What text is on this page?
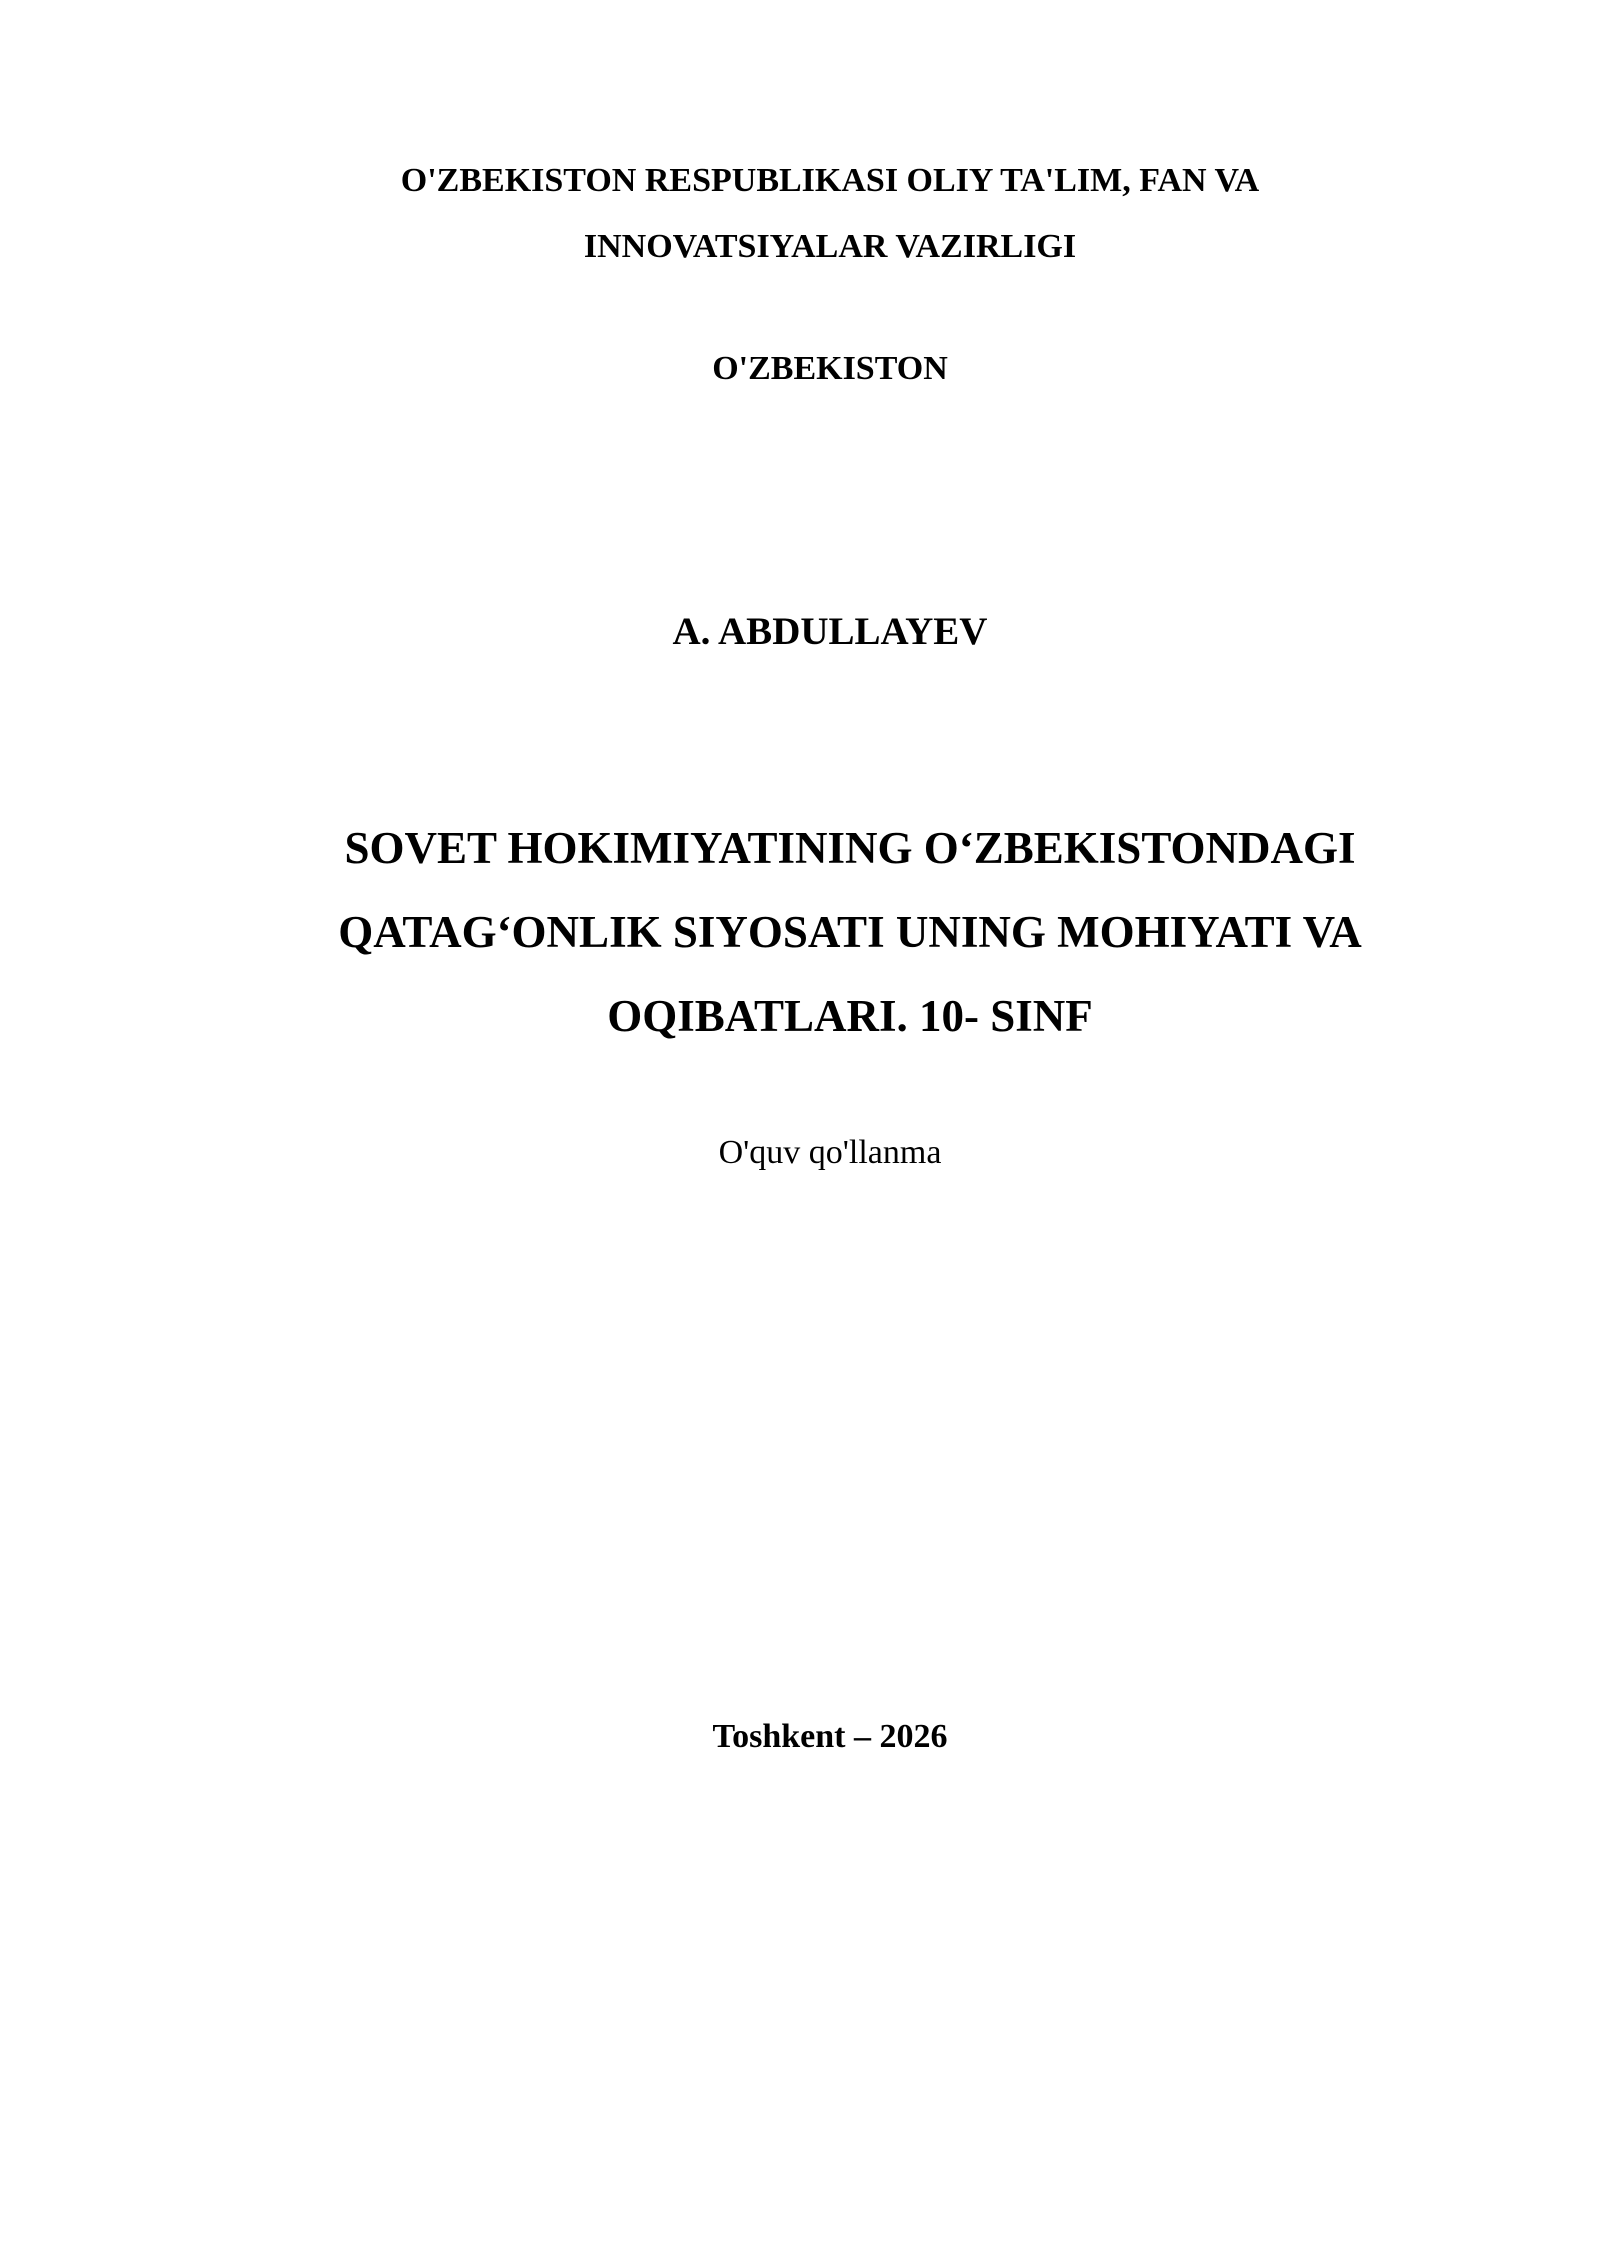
O'ZBEKISTON RESPUBLIKASI OLIY TA'LIM, FAN VA
INNOVATSIYALAR VAZIRLIGI
O'ZBEKISTON
A. ABDULLAYEV
SOVET HOKIMIYATINING O‘ZBEKISTONDAGI
QATAG‘ONLIK SIYOSATI UNING MOHIYATI VA
OQIBATLARI. 10- SINF
O'quv qo'llanma
Toshkent – 2026
